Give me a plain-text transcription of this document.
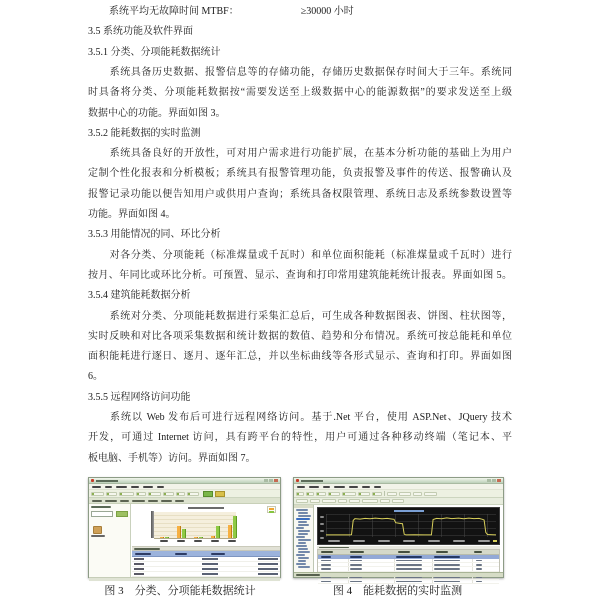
系统平均无故障时间 MTBF：	≥30000 小时
3.5 系统功能及软件界面
3.5.1 分类、分项能耗数据统计
系统具备历史数据、报警信息等的存储功能，存储历史数据保存时间大于三年。系统同
时具备将分类、分项能耗数据按“需要发送至上级数据中心的能源数据”的要求发送至上级
数据中心的功能。界面如图 3。
3.5.2 能耗数据的实时监测
系统具备良好的开放性，可对用户需求进行功能扩展，在基本分析功能的基础上为用户
定制个性化报表和分析模板；系统具有报警管理功能，负责报警及事件的传送、报警确认及
报警记录功能以便告知用户或供用户查询；系统具备权限管理、系统日志及系统参数设置等
功能。界面如图 4。
3.5.3 用能情况的同、环比分析
对各分类、分项能耗（标准煤量或千瓦时）和单位面积能耗（标准煤量或千瓦时）进行
按月、年同比或环比分析。可预置、显示、查询和打印常用建筑能耗统计报表。界面如图 5。
3.5.4 建筑能耗数据分析
系统对分类、分项能耗数据进行采集汇总后，可生成各种数据图表、饼图、柱状图等，
实时反映和对比各项采集数据和统计数据的数值、趋势和分布情况。系统可按总能耗和单位
面积能耗进行逐日、逐月、逐年汇总，并以坐标曲线等各形式显示、查询和打印。界面如图
6。
3.5.5 远程网络访问功能
系统以 Web 发布后可进行远程网络访问。基于.Net 平台，使用 ASP.Net、JQuery 技术
开发，可通过 Internet 访问，具有跨平台的特性，用户可通过各种移动终端（笔记本、平
板电脑、手机等）访问。界面如图 7。
图 3　分类、分项能耗数据统计	图 4　能耗数据的实时监测
